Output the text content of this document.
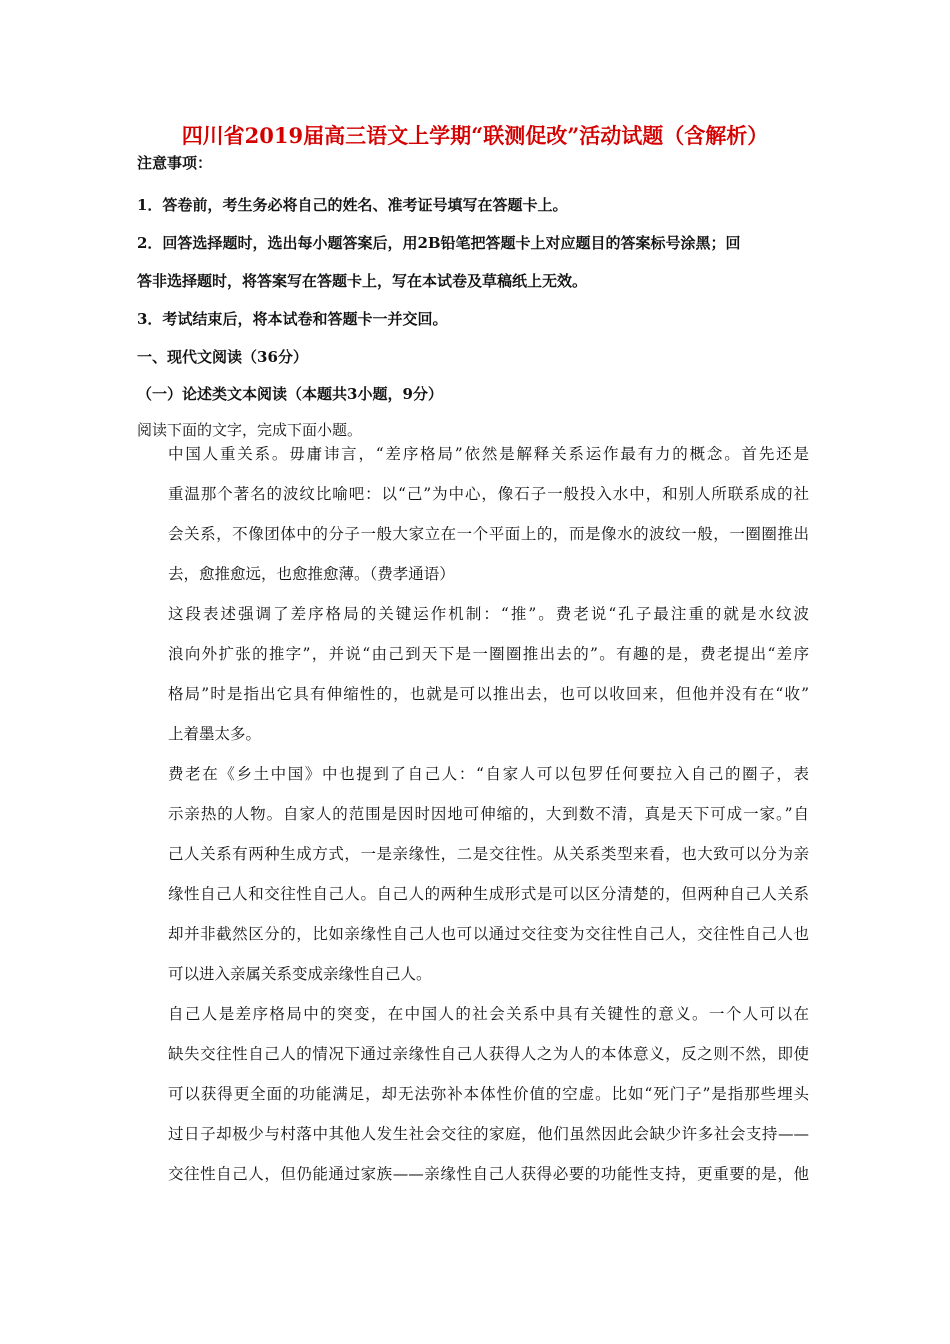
四川省2019届高三语文上学期“联测促改”活动试题（含解析）

注意事项：

1．答卷前，考生务必将自己的姓名、准考证号填写在答题卡上。

2．回答选择题时，选出每小题答案后，用2B铅笔把答题卡上对应题目的答案标号涂黑；回

答非选择题时，将答案写在答题卡上，写在本试卷及草稿纸上无效。

3．考试结束后，将本试卷和答题卡一并交回。

一、现代文阅读（36分）

（一）论述类文本阅读（本题共3小题，9分）

阅读下面的文字，完成下面小题。

中国人重关系。毋庸讳言，“差序格局”依然是解释关系运作最有力的概念。首先还是
重温那个著名的波纹比喻吧：以“己”为中心，像石子一般投入水中，和别人所联系成的社
会关系，不像团体中的分子一般大家立在一个平面上的，而是像水的波纹一般，一圈圈推出
去，愈推愈远，也愈推愈薄。（费孝通语）
这段表述强调了差序格局的关键运作机制：“推”。费老说“孔子最注重的就是水纹波
浪向外扩张的推字”，并说“由己到天下是一圈圈推出去的”。有趣的是，费老提出“差序
格局”时是指出它具有伸缩性的，也就是可以推出去，也可以收回来，但他并没有在“收”
上着墨太多。
费老在《乡土中国》中也提到了自己人：“自家人可以包罗任何要拉入自己的圈子，表
示亲热的人物。自家人的范围是因时因地可伸缩的，大到数不清，真是天下可成一家。”自
己人关系有两种生成方式，一是亲缘性，二是交往性。从关系类型来看，也大致可以分为亲
缘性自己人和交往性自己人。自己人的两种生成形式是可以区分清楚的，但两种自己人关系
却并非截然区分的，比如亲缘性自己人也可以通过交往变为交往性自己人，交往性自己人也
可以进入亲属关系变成亲缘性自己人。
自己人是差序格局中的突变，在中国人的社会关系中具有关键性的意义。一个人可以在
缺失交往性自己人的情况下通过亲缘性自己人获得人之为人的本体意义，反之则不然，即使
可以获得更全面的功能满足，却无法弥补本体性价值的空虚。比如“死门子”是指那些埋头
过日子却极少与村落中其他人发生社会交往的家庭，他们虽然因此会缺少许多社会支持——
交往性自己人，但仍能通过家族——亲缘性自己人获得必要的功能性支持，更重要的是，他
